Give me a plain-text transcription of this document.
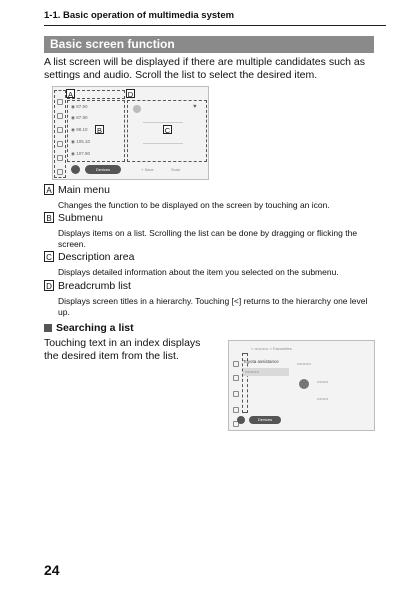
1-1. Basic operation of multimedia system
Basic screen function
A list screen will be displayed if there are multiple candidates such as settings and audio. Scroll the list to select the desired item.
◉ 87.50
◉ 87.90
◉ 98.10
◉ 105.10
◉ 107.90
♥
Devices	+ Save	Scan
A	D
B	C
A Main menu
Changes the function to be displayed on the screen by touching an icon.
B Submenu
Displays items on a list. Scrolling the list can be done by dragging or flicking the screen.
C Description area
Displays detailed information about the item you selected on the submenu.
D Breadcrumb list
Displays screen titles in a hierarchy. Touching [<] returns to the hierarchy one level up.
Searching a list
Touching text in an index displays the desired item from the list.
< •••••••••• > Favourites
Toyota assistance
••••••••••
••••••••••
••••••••
••••••••
Devices
24
